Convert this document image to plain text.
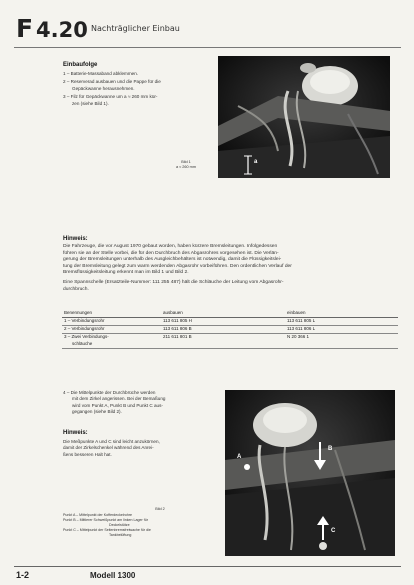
F 4.20 Nachträglicher Einbau
Einbaufolge
1 – Batterie-Massaband abklemmen.
2 – Reserverad ausbauen und die Pappe für die
Gepäckwanne herausnehmen.
3 – Filz für Gepäckwanne um a ≈ 260 mm kür-
zen (siehe Bild 1).
a
Bild 1
a ≈ 260 mm
Hinweis:
Die Fahrzeuge, die vor August 1970 gebaut worden, haben kürzere Bremsleitungen. Infolgedessen
führen sie an der Stelle vorbei, die für den Durchbruch des Abgasrohres vorgesehen ist. Die Verlän-
gerung der Bremsleitungen unterhalb des Ausgleichbehälters ist notwendig, damit die Flüssigkeitslei-
tung der Bremsleitung gelegt zum warm werdenden Abgasrohr vorbeiführen. Den ordentlichen Verlauf der
Bremsflüssigkeitsleitung erkennt man im Bild 1 und Bild 2.
Eine Spannschelle (Ersatzteile-Nummer: 111 255 487) hält die Schläuche der Leitung vom Abgasrohr-
durchbruch.
Benennungen	ausbauen	einbauen
1 – Verbindungsrohr	113 611 805 H	113 611 805 L
2 – Verbindungsrohr	113 611 806 B	113 611 806 L
3 – Zwei Verbindungs-	211 611 801 B	N 20 366 1
schläuche		
4 – Die Mittelpunkte der Durchbrüche werden
mit dem Zirkel angerissen. Bei der Bemaßung
wird vom Punkt A, Punkt B und Punkt C aus-
gegangen (siehe Bild 2).
Hinweis:
Die Meßpunkte A und C sind leicht anzukörnen,
damit der Zirkelschenkel während des Anrei-
ßens besseren Halt hat.	A
B
C
Bild 2
Punkt A – Mittelpunkt der Kofferdeckelrohre
Punkt B – Mittlerer Schweißpunkt am linken Lager für
Deckelstütze
Punkt C – Mittelpunkt der Seitenbremsfreiwache für die
Tankbelüftung
1-2	Modell 1300
